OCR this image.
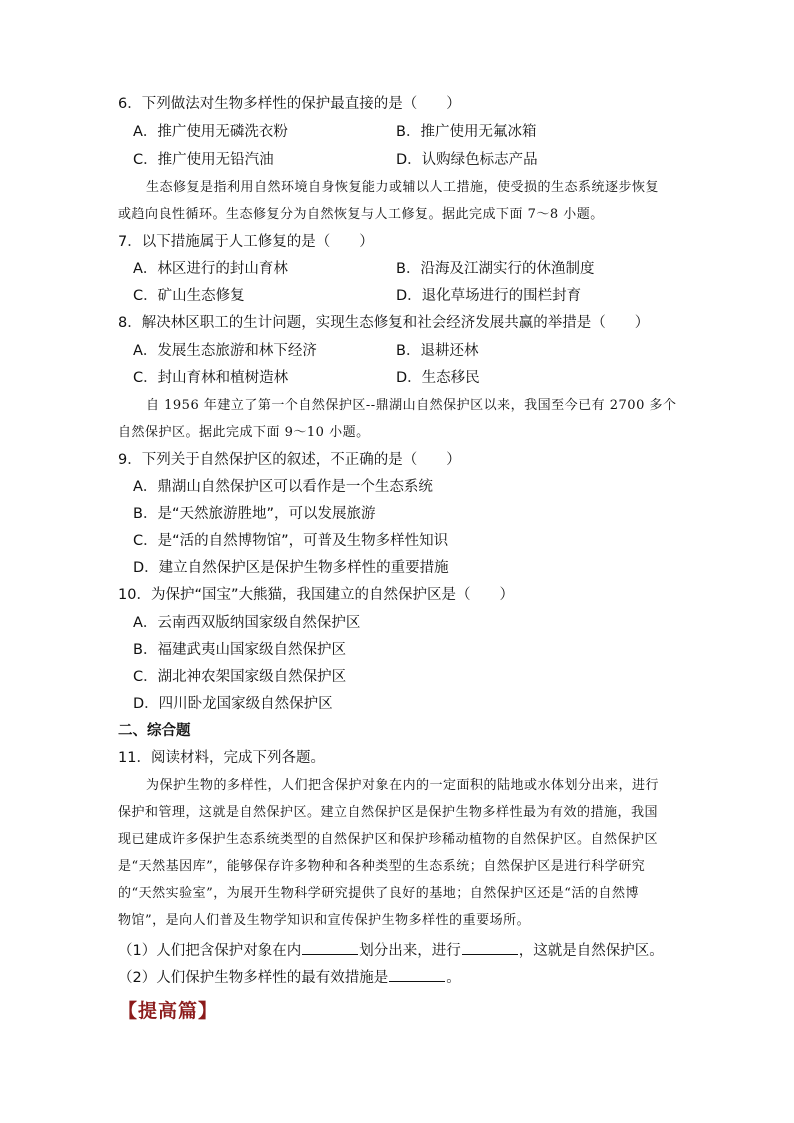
6．下列做法对生物多样性的保护最直接的是（　　）
A．推广使用无磷洗衣粉	B．推广使用无氟冰箱
C．推广使用无铅汽油	D．认购绿色标志产品
生态修复是指利用自然环境自身恢复能力或辅以人工措施，使受损的生态系统逐步恢复
或趋向良性循环。生态修复分为自然恢复与人工修复。据此完成下面 7～8 小题。
7．以下措施属于人工修复的是（　　）
A．林区进行的封山育林	B．沿海及江湖实行的休渔制度
C．矿山生态修复	D．退化草场进行的围栏封育
8．解决林区职工的生计问题，实现生态修复和社会经济发展共赢的举措是（　　）
A．发展生态旅游和林下经济	B．退耕还林
C．封山育林和植树造林	D．生态移民
自 1956 年建立了第一个自然保护区--鼎湖山自然保护区以来，我国至今已有 2700 多个
自然保护区。据此完成下面 9～10 小题。
9．下列关于自然保护区的叙述，不正确的是（　　）
A．鼎湖山自然保护区可以看作是一个生态系统
B．是“天然旅游胜地”，可以发展旅游
C．是“活的自然博物馆”，可普及生物多样性知识
D．建立自然保护区是保护生物多样性的重要措施
10．为保护“国宝”大熊猫，我国建立的自然保护区是（　　）
A．云南西双版纳国家级自然保护区
B．福建武夷山国家级自然保护区
C．湖北神农架国家级自然保护区
D．四川卧龙国家级自然保护区
二、综合题
11．阅读材料，完成下列各题。
为保护生物的多样性，人们把含保护对象在内的一定面积的陆地或水体划分出来，进行
保护和管理，这就是自然保护区。建立自然保护区是保护生物多样性最为有效的措施，我国
现已建成许多保护生态系统类型的自然保护区和保护珍稀动植物的自然保护区。自然保护区
是“天然基因库”，能够保存许多物种和各种类型的生态系统；自然保护区是进行科学研究
的“天然实验室”，为展开生物科学研究提供了良好的基地；自然保护区还是“活的自然博
物馆”，是向人们普及生物学知识和宣传保护生物多样性的重要场所。
（1）人们把含保护对象在内	划分出来，进行	，这就是自然保护区。
（2）人们保护生物多样性的最有效措施是	。
【提高篇】
